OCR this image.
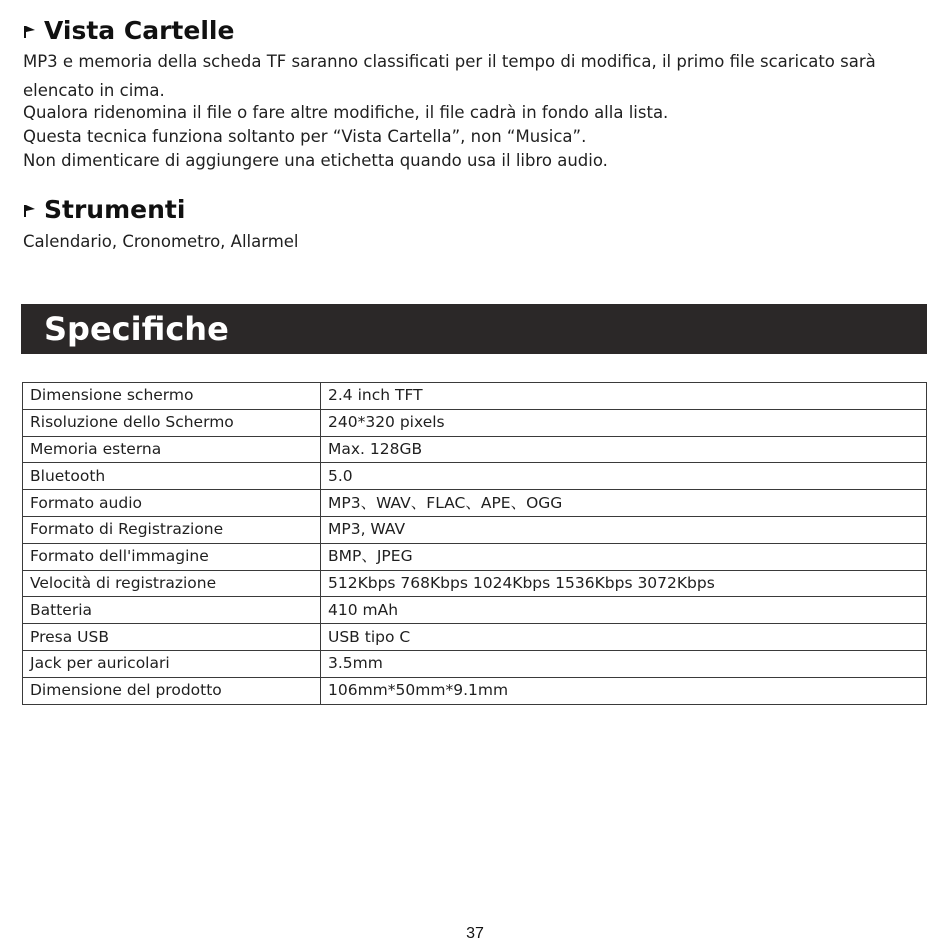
Vista Cartelle
MP3 e memoria della scheda TF saranno classificati per il tempo di modifica, il primo file scaricato sarà
elencato in cima.
Qualora ridenomina il file o fare altre modifiche, il file cadrà in fondo alla lista.
Questa tecnica funziona soltanto per “Vista Cartella”, non “Musica”.
Non dimenticare di aggiungere una etichetta quando usa il libro audio.
Strumenti
Calendario, Cronometro, Allarmel
Specifiche
Dimensione schermo	2.4 inch TFT
Risoluzione dello Schermo	240*320 pixels
Memoria esterna	Max. 128GB
Bluetooth	5.0
Formato audio	MP3、WAV、FLAC、APE、OGG
Formato di Registrazione	MP3, WAV
Formato dell'immagine	BMP、JPEG
Velocità di registrazione	512Kbps 768Kbps 1024Kbps 1536Kbps 3072Kbps
Batteria	410 mAh
Presa USB	USB tipo C
Jack per auricolari	3.5mm
Dimensione del prodotto	106mm*50mm*9.1mm
37
